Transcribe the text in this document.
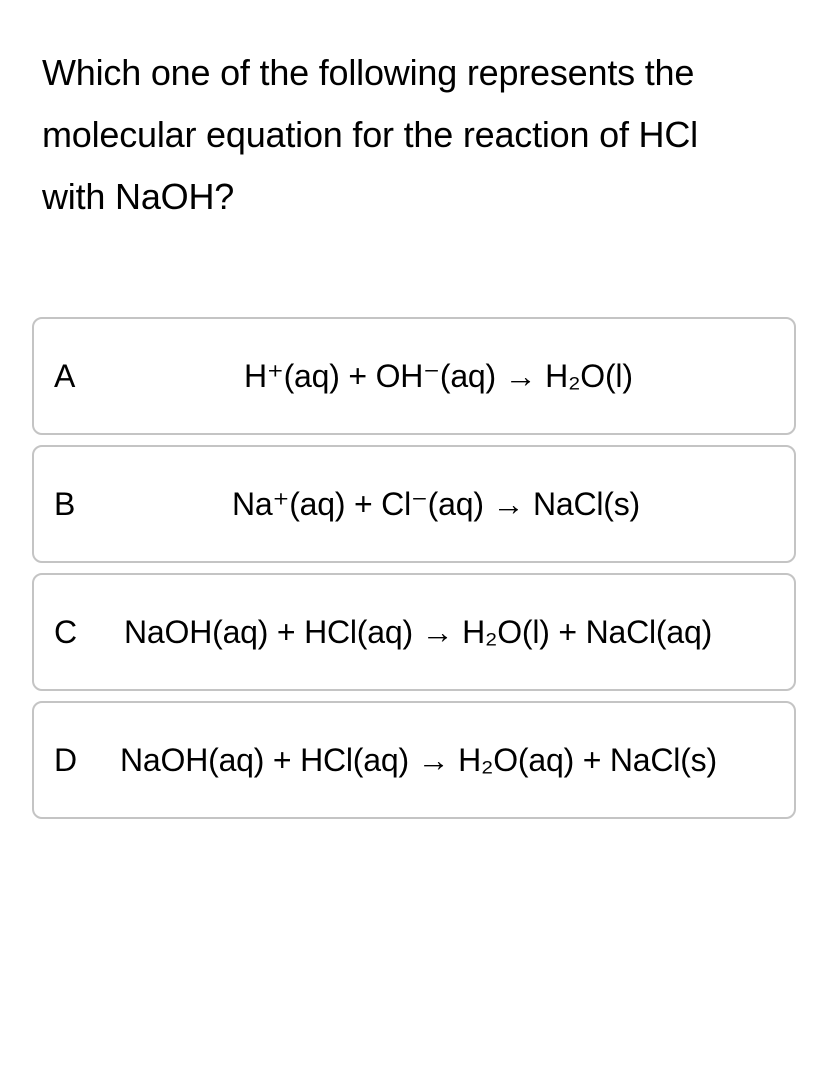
Which one of the following represents the
molecular equation for the reaction of HCl
with NaOH?
A	H⁺(aq) + OH⁻(aq) → H₂O(l)
B	Na⁺(aq) + Cl⁻(aq) → NaCl(s)
C NaOH(aq) + HCl(aq) → H₂O(l) + NaCl(aq)
D NaOH(aq) + HCl(aq) → H₂O(aq) + NaCl(s)
